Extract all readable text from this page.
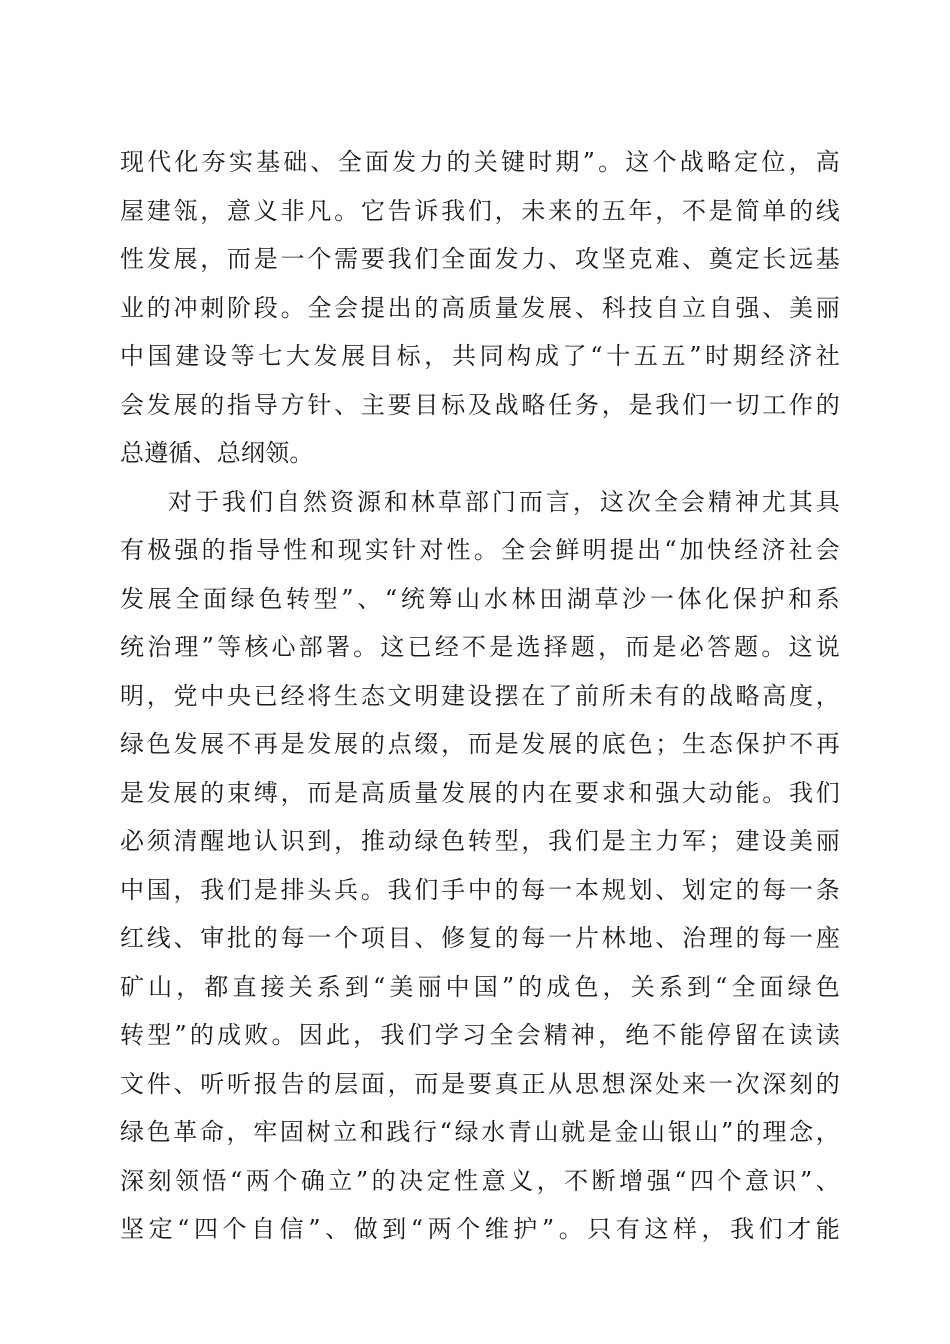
现代化夯实基础、全面发力的关键时期”。这个战略定位，高
屋建瓴，意义非凡。它告诉我们，未来的五年，不是简单的线
性发展，而是一个需要我们全面发力、攻坚克难、奠定长远基
业的冲刺阶段。全会提出的高质量发展、科技自立自强、美丽
中国建设等七大发展目标，共同构成了“十五五”时期经济社
会发展的指导方针、主要目标及战略任务，是我们一切工作的
总遵循、总纲领。
对于我们自然资源和林草部门而言，这次全会精神尤其具
有极强的指导性和现实针对性。全会鲜明提出“加快经济社会
发展全面绿色转型”、“统筹山水林田湖草沙一体化保护和系
统治理”等核心部署。这已经不是选择题，而是必答题。这说
明，党中央已经将生态文明建设摆在了前所未有的战略高度，
绿色发展不再是发展的点缀，而是发展的底色；生态保护不再
是发展的束缚，而是高质量发展的内在要求和强大动能。我们
必须清醒地认识到，推动绿色转型，我们是主力军；建设美丽
中国，我们是排头兵。我们手中的每一本规划、划定的每一条
红线、审批的每一个项目、修复的每一片林地、治理的每一座
矿山，都直接关系到“美丽中国”的成色，关系到“全面绿色
转型”的成败。因此，我们学习全会精神，绝不能停留在读读
文件、听听报告的层面，而是要真正从思想深处来一次深刻的
绿色革命，牢固树立和践行“绿水青山就是金山银山”的理念，
深刻领悟“两个确立”的决定性意义，不断增强“四个意识”、
坚定“四个自信”、做到“两个维护”。只有这样，我们才能
